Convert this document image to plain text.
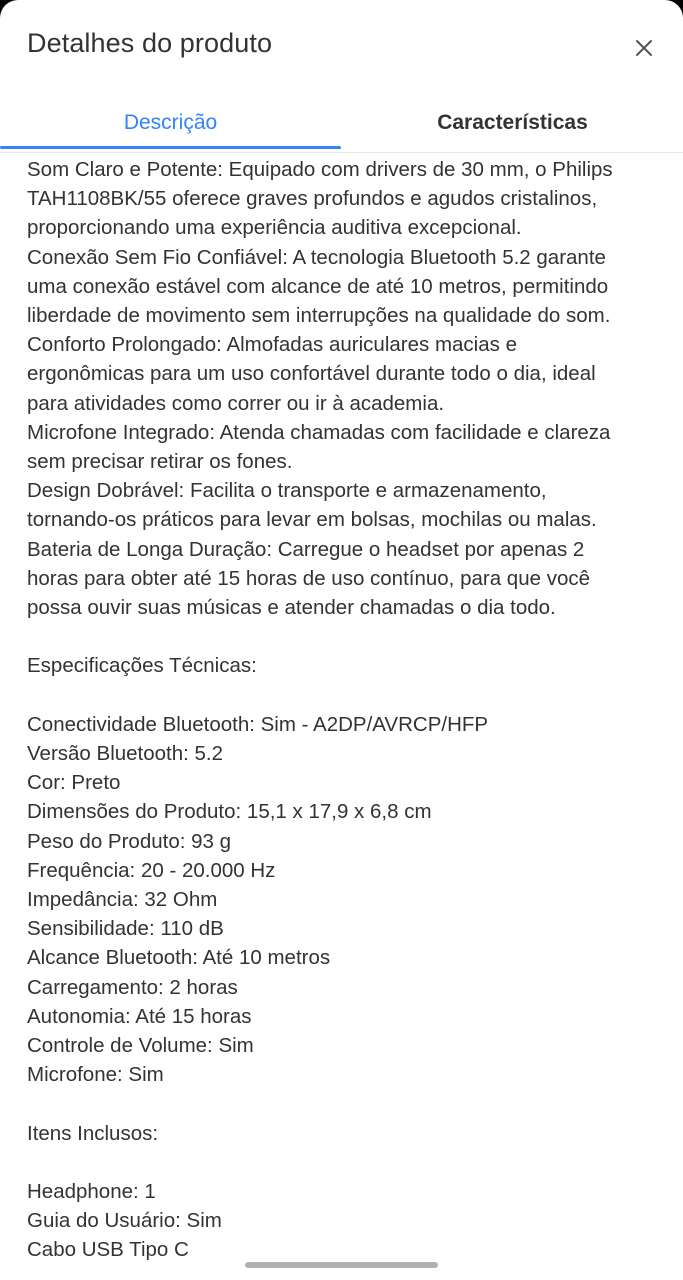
Detalhes do produto
Descrição	Características
Som Claro e Potente: Equipado com drivers de 30 mm, o Philips
TAH1108BK/55 oferece graves profundos e agudos cristalinos,
proporcionando uma experiência auditiva excepcional.
Conexão Sem Fio Confiável: A tecnologia Bluetooth 5.2 garante
uma conexão estável com alcance de até 10 metros, permitindo
liberdade de movimento sem interrupções na qualidade do som.
Conforto Prolongado: Almofadas auriculares macias e
ergonômicas para um uso confortável durante todo o dia, ideal
para atividades como correr ou ir à academia.
Microfone Integrado: Atenda chamadas com facilidade e clareza
sem precisar retirar os fones.
Design Dobrável: Facilita o transporte e armazenamento,
tornando-os práticos para levar em bolsas, mochilas ou malas.
Bateria de Longa Duração: Carregue o headset por apenas 2
horas para obter até 15 horas de uso contínuo, para que você
possa ouvir suas músicas e atender chamadas o dia todo.
Especificações Técnicas:
Conectividade Bluetooth: Sim - A2DP/AVRCP/HFP
Versão Bluetooth: 5.2
Cor: Preto
Dimensões do Produto: 15,1 x 17,9 x 6,8 cm
Peso do Produto: 93 g
Frequência: 20 - 20.000 Hz
Impedância: 32 Ohm
Sensibilidade: 110 dB
Alcance Bluetooth: Até 10 metros
Carregamento: 2 horas
Autonomia: Até 15 horas
Controle de Volume: Sim
Microfone: Sim
Itens Inclusos:
Headphone: 1
Guia do Usuário: Sim
Cabo USB Tipo C
